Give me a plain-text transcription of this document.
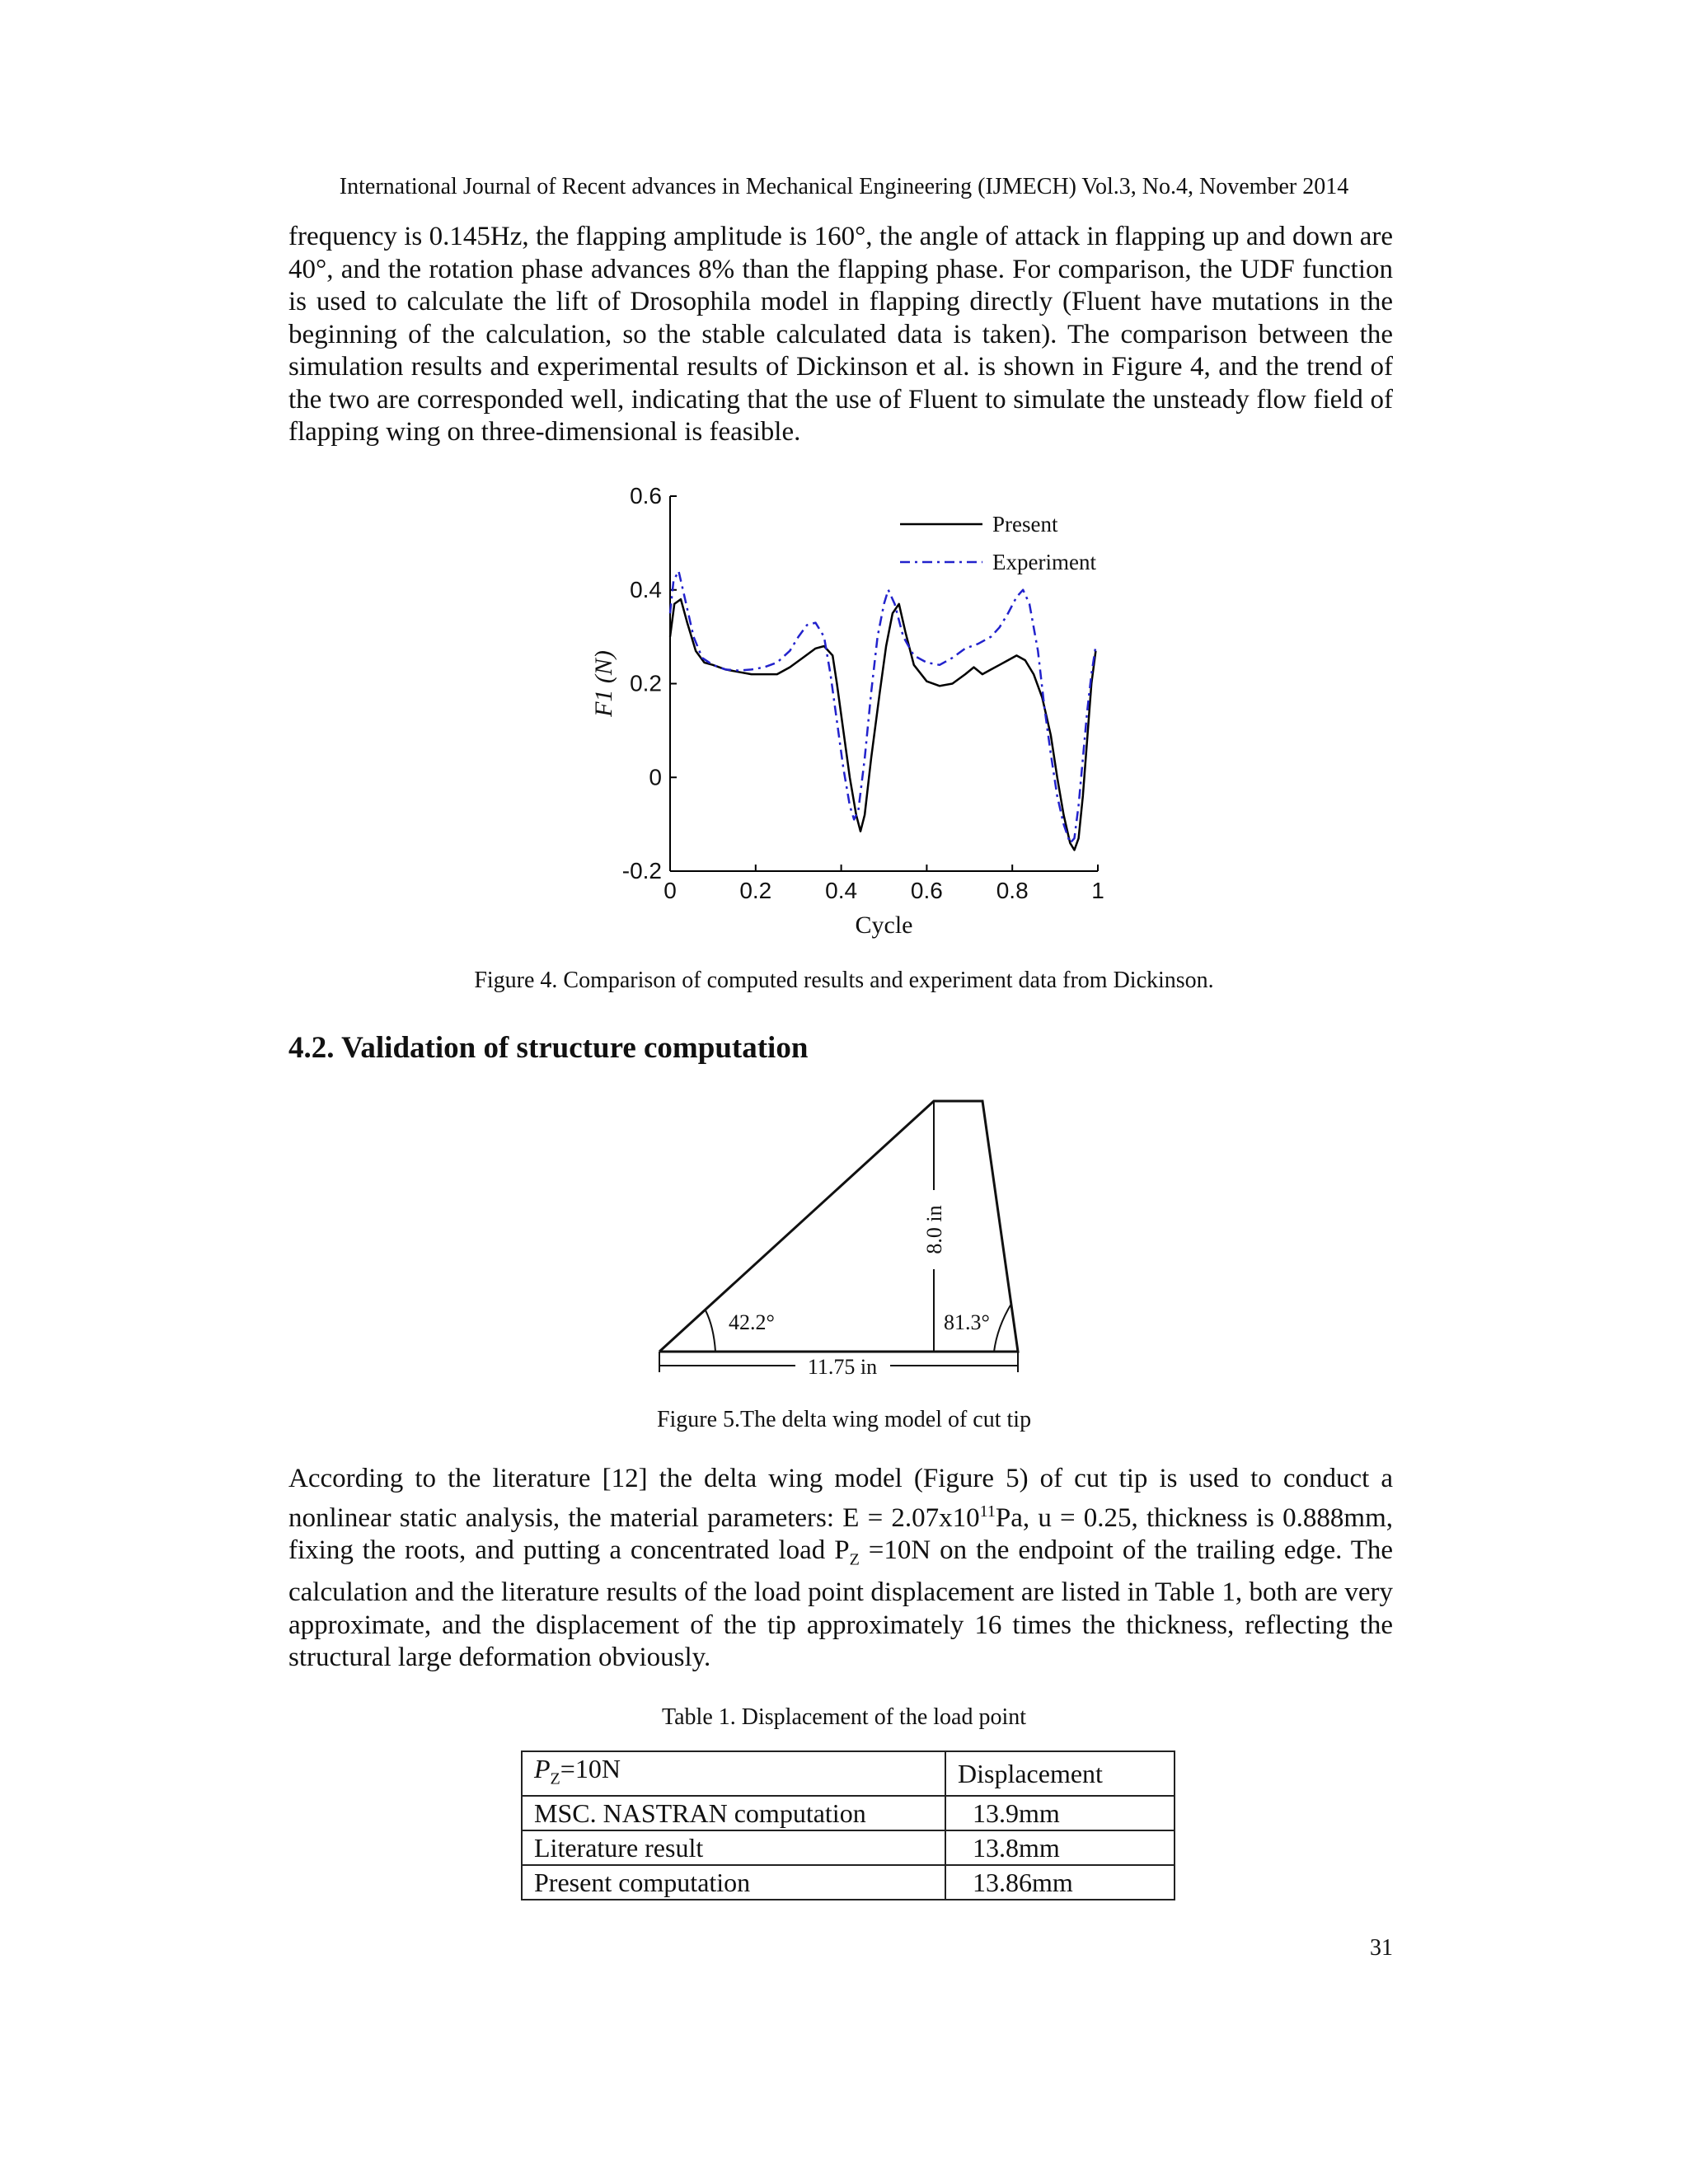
International Journal of Recent advances in Mechanical Engineering (IJMECH) Vol.3, No.4, November 2014

frequency is 0.145Hz, the flapping amplitude is 160°, the angle of attack in flapping up and down are 40°, and the rotation phase advances 8% than the flapping phase. For comparison, the UDF function is used to calculate the lift of Drosophila model in flapping directly (Fluent have mutations in the beginning of the calculation, so the stable calculated data is taken). The comparison between the simulation results and experimental results of Dickinson et al. is shown in Figure 4, and the trend of the two are corresponded well, indicating that the use of Fluent to simulate the unsteady flow field of flapping wing on three-dimensional is feasible.

0	0.2 0.4 0.6 0.8	1
-0.2
0
0.2
0.4
0.6
Cycle
F1 (N)
Present
Experiment
Figure 4. Comparison of computed results and experiment data from Dickinson.
4.2. Validation of structure computation
42.2°	81.3°
8.0 in
11.75 in
Figure 5.The delta wing model of cut tip

According to the literature [12] the delta wing model (Figure 5) of cut tip is used to conduct a nonlinear static analysis, the material parameters: $E = 2.07x10^{11}Pa$, u = 0.25, thickness is 0.888mm, fixing the roots, and putting a concentrated load $P_Z =10N$ on the endpoint of the trailing edge. The calculation and the literature results of the load point displacement are listed in Table 1, both are very approximate, and the displacement of the tip approximately 16 times the thickness, reflecting the structural large deformation obviously.

Table 1. Displacement of the load point
$P_Z=10N$	Displacement
MSC. NASTRAN computation	13.9mm
Literature result	13.8mm
Present computation	13.86mm
31
